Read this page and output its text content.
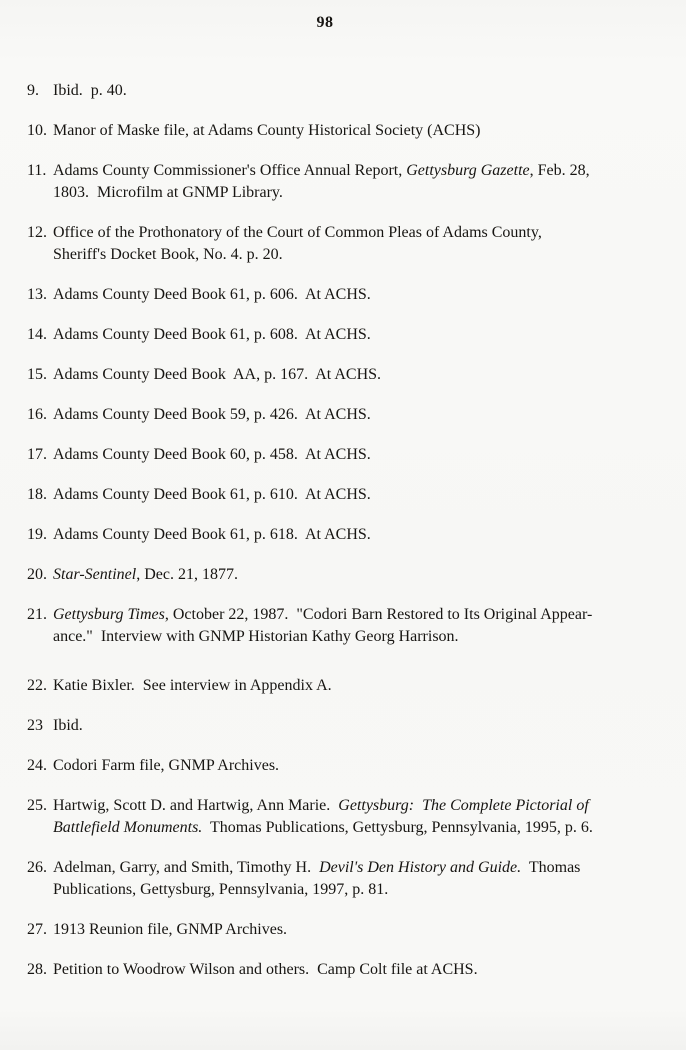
98
9. Ibid.  p. 40.
10. Manor of Maske file, at Adams County Historical Society (ACHS)
11. Adams County Commissioner's Office Annual Report, Gettysburg Gazette, Feb. 28,
1803.  Microfilm at GNMP Library.
12. Office of the Prothonatory of the Court of Common Pleas of Adams County,
Sheriff's Docket Book, No. 4. p. 20.
13. Adams County Deed Book 61, p. 606.  At ACHS.
14. Adams County Deed Book 61, p. 608.  At ACHS.
15. Adams County Deed Book  AA, p. 167.  At ACHS.
16. Adams County Deed Book 59, p. 426.  At ACHS.
17. Adams County Deed Book 60, p. 458.  At ACHS.
18. Adams County Deed Book 61, p. 610.  At ACHS.
19. Adams County Deed Book 61, p. 618.  At ACHS.
20. Star-Sentinel, Dec. 21, 1877.
21. Gettysburg Times, October 22, 1987.  "Codori Barn Restored to Its Original Appear-
ance."  Interview with GNMP Historian Kathy Georg Harrison.
22. Katie Bixler.  See interview in Appendix A.
23 Ibid.
24. Codori Farm file, GNMP Archives.
25. Hartwig, Scott D. and Hartwig, Ann Marie.  Gettysburg:  The Complete Pictorial of
Battlefield Monuments.  Thomas Publications, Gettysburg, Pennsylvania, 1995, p. 6.
26. Adelman, Garry, and Smith, Timothy H.  Devil's Den History and Guide.  Thomas
Publications, Gettysburg, Pennsylvania, 1997, p. 81.
27. 1913 Reunion file, GNMP Archives.
28. Petition to Woodrow Wilson and others.  Camp Colt file at ACHS.
